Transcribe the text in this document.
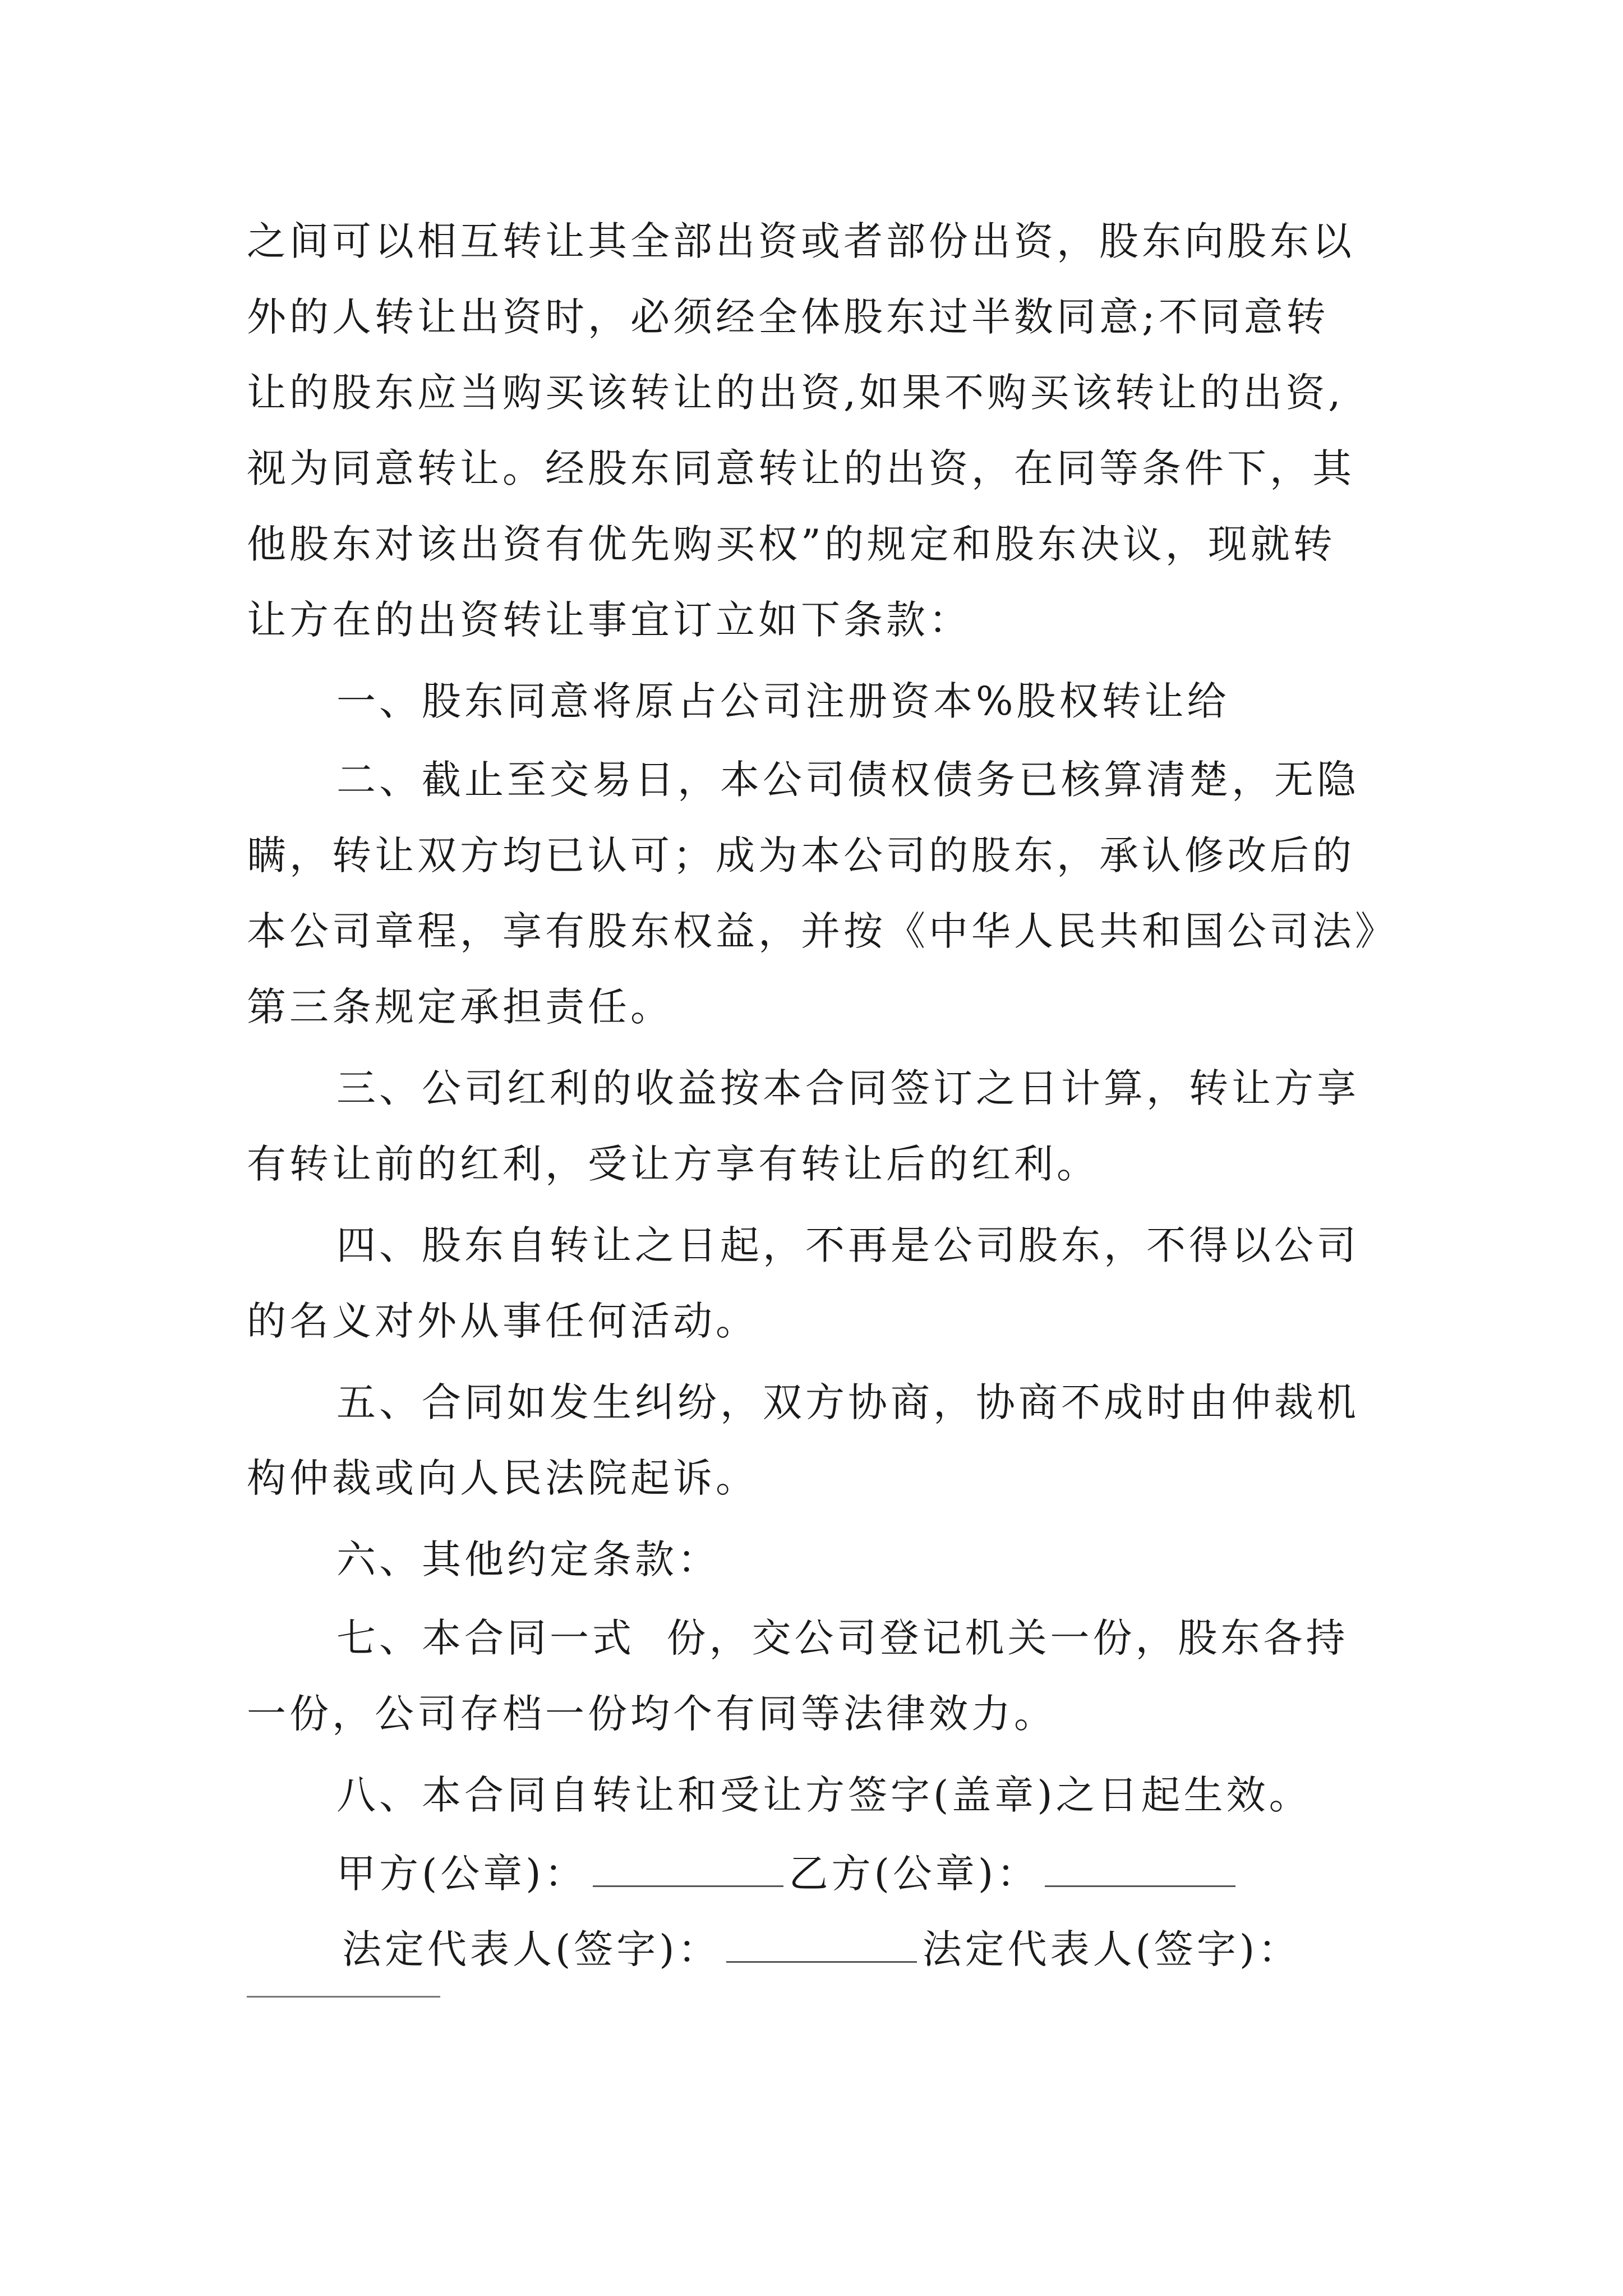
之间可以相互转让其全部出资或者部份出资，股东向股东以
外的人转让出资时，必须经全体股东过半数同意;不同意转
让的股东应当购买该转让的出资,如果不购买该转让的出资,
视为同意转让。经股东同意转让的出资，在同等条件下，其
他股东对该出资有优先购买权”的规定和股东决议，现就转
让方在的出资转让事宜订立如下条款：
一、股东同意将原占公司注册资本%股权转让给
二、截止至交易日，本公司债权债务已核算清楚，无隐
瞒，转让双方均已认可；成为本公司的股东，承认修改后的
本公司章程，享有股东权益，并按《中华人民共和国公司法》
第三条规定承担责任。
三、公司红利的收益按本合同签订之日计算，转让方享
有转让前的红利，受让方享有转让后的红利。
四、股东自转让之日起，不再是公司股东，不得以公司
的名义对外从事任何活动。
五、合同如发生纠纷，双方协商，协商不成时由仲裁机
构仲裁或向人民法院起诉。
六、其他约定条款：
七、本合同一式  份，交公司登记机关一份，股东各持
一份，公司存档一份均个有同等法律效力。
八、本合同自转让和受让方签字(盖章)之日起生效。
甲方(公章)：	乙方(公章)：
法定代表人(签字)：	法定代表人(签字)：
